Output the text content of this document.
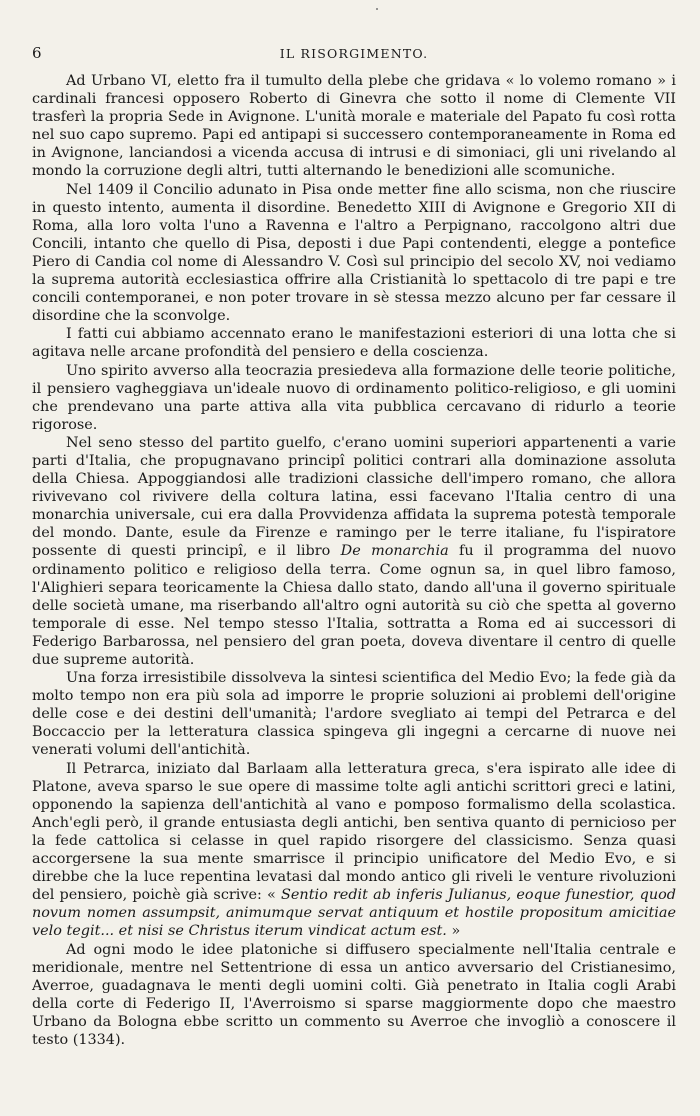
6	IL RISORGIMENTO.

Ad Urbano VI, eletto fra il tumulto della plebe che gridava « lo volemo romano » i cardinali francesi opposero Roberto di Ginevra che sotto il nome di Clemente VII trasferì la propria Sede in Avignone. L'unità morale e materiale del Papato fu così rotta nel suo capo supremo. Papi ed antipapi si successero contemporaneamente in Roma ed in Avignone, lanciandosi a vicenda accusa di intrusi e di simoniaci, gli uni rivelando al mondo la corruzione degli altri, tutti alternando le benedizioni alle scomuniche.

Nel 1409 il Concilio adunato in Pisa onde metter fine allo scisma, non che riuscire in questo intento, aumenta il disordine. Benedetto XIII di Avignone e Gregorio XII di Roma, alla loro volta l'uno a Ravenna e l'altro a Perpignano, raccolgono altri due Concili, intanto che quello di Pisa, deposti i due Papi contendenti, elegge a pontefice Piero di Candia col nome di Alessandro V. Così sul principio del secolo XV, noi vediamo la suprema autorità ecclesiastica offrire alla Cristianità lo spettacolo di tre papi e tre concili contemporanei, e non poter trovare in sè stessa mezzo alcuno per far cessare il disordine che la sconvolge.

I fatti cui abbiamo accennato erano le manifestazioni esteriori di una lotta che si agitava nelle arcane profondità del pensiero e della coscienza.

Uno spirito avverso alla teocrazia presiedeva alla formazione delle teorie politiche, il pensiero vagheggiava un'ideale nuovo di ordinamento politico-religioso, e gli uomini che prendevano una parte attiva alla vita pubblica cercavano di ridurlo a teorie rigorose.

Nel seno stesso del partito guelfo, c'erano uomini superiori appartenenti a varie parti d'Italia, che propugnavano principî politici contrari alla dominazione assoluta della Chiesa. Appoggiandosi alle tradizioni classiche dell'impero romano, che allora rivivevano col rivivere della coltura latina, essi facevano l'Italia centro di una monarchia universale, cui era dalla Provvidenza affidata la suprema potestà temporale del mondo. Dante, esule da Firenze e ramingo per le terre italiane, fu l'ispiratore possente di questi principî, e il libro De monarchia fu il programma del nuovo ordinamento politico e religioso della terra. Come ognun sa, in quel libro famoso, l'Alighieri separa teoricamente la Chiesa dallo stato, dando all'una il governo spirituale delle società umane, ma riserbando all'altro ogni autorità su ciò che spetta al governo temporale di esse. Nel tempo stesso l'Italia, sottratta a Roma ed ai successori di Federigo Barbarossa, nel pensiero del gran poeta, doveva diventare il centro di quelle due supreme autorità.

Una forza irresistibile dissolveva la sintesi scientifica del Medio Evo; la fede già da molto tempo non era più sola ad imporre le proprie soluzioni ai problemi dell'origine delle cose e dei destini dell'umanità; l'ardore svegliato ai tempi del Petrarca e del Boccaccio per la letteratura classica spingeva gli ingegni a cercarne di nuove nei venerati volumi dell'antichità.

Il Petrarca, iniziato dal Barlaam alla letteratura greca, s'era ispirato alle idee di Platone, aveva sparso le sue opere di massime tolte agli antichi scrittori greci e latini, opponendo la sapienza dell'antichità al vano e pomposo formalismo della scolastica. Anch'egli però, il grande entusiasta degli antichi, ben sentiva quanto di pernicioso per la fede cattolica si celasse in quel rapido risorgere del classicismo. Senza quasi accorgersene la sua mente smarrisce il principio unificatore del Medio Evo, e si direbbe che la luce repentina levatasi dal mondo antico gli riveli le venture rivoluzioni del pensiero, poichè già scrive: « Sentio redit ab inferis Julianus, eoque funestior, quod novum nomen assumpsit, animumque servat antiquum et hostile propositum amicitiae velo tegit... et nisi se Christus iterum vindicat actum est. »

Ad ogni modo le idee platoniche si diffusero specialmente nell'Italia centrale e meridionale, mentre nel Settentrione di essa un antico avversario del Cristianesimo, Averroe, guadagnava le menti degli uomini colti. Già penetrato in Italia cogli Arabi della corte di Federigo II, l'Averroismo si sparse maggiormente dopo che maestro Urbano da Bologna ebbe scritto un commento su Averroe che invogliò a conoscere il testo (1334).
